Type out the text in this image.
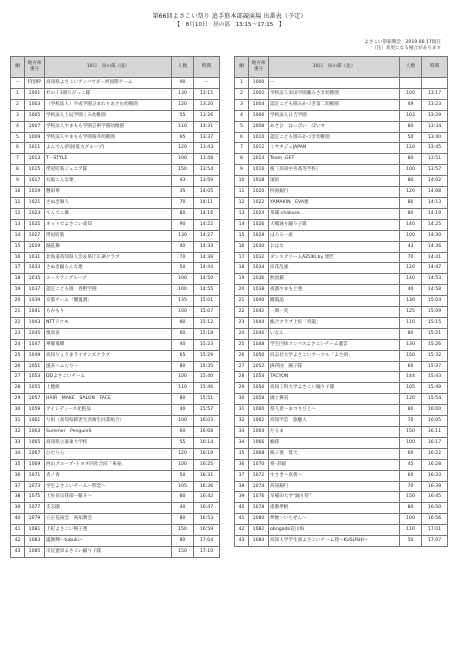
第66回よさこい祭り 追手筋本部競演場 出番表（予定）
【　8月10日　昼の部　13:15～17:15　】
よさこい祭振興会　2019.06.17現在
（注）変更になる場合があります
順	地方車番号	10日　昼の部（南）	人数	時間
ー	特別枠	高知県よさこいアンバサダー絆国際チーム	90	ー
1	1001	杉の子3園ちびっこ隊	130	13:15
2	1003	（学校法人）平成学園ひまわりあさむ幼稚園	120	13:20
3	1005	学校法人上辰学園くみ幼稚園	55	13:26
4	1007	学校法人やまもも学園芸術学園幼稚園	110	13:31
5	1009	学校法人やまもも学園桜井幼稚園	95	13:37
6	1011	よんでん(四国電力グループ)	120	13:43
7	1013	T－STYLE	100	13:48
8	1015	帯屋町筋ジュニア隊	150	13:54
9	1017	丸亀こんな連	43	13:59
10	1019	懸彩華	35	14:05
11	1021	さぬき舞人	70	14:11
12	1023	てんてこ舞	80	14:16
13	1025	ネットでよさこい高知	90	14:22
14	1027	帯屋町筋	130	14:27
15	1029	踊乱舞	40	14:33
16	1031	北海道高知県人会＆県庁正調クラブ	70	14:39
17	1033	さぬき踊らんな連	50	14:44
18	1035	エースワングループ	100	14:50
19	1037	認定こども園　春野学園	100	14:55
20	1039	京都チーム「櫻嵐漪」	135	15:01
21	1041	もかもり	100	15:07
22	1043	NTTドコモ	80	15:12
23	1045	慎真蛍	60	15:18
24	1047	華舞鬼蝶	40	15:23
25	1049	高知りょうまライオンズクラブ	65	15:29
26	1051	風来～ふらり～	80	15:35
27	1053	DDよさこいチーム	100	15:40
28	1055	上穂組	110	15:46
29	1057	HAIR　MAKE　SALON　FACE	80	15:51
30	1059	アイレディース化粧品	40	15:57
31	1061	り組（高知県障害生活衛生同業組合）	100	16:03
32	1063	Summer　PenguinS	60	16:08
33	1065	高知県立嘉東大学校	55	16:14
34	1067	ひだりら	120	16:19
35	1069	西山グループ･トヨタ四社合同「車座」	100	16:25
36	1071	青ノ春	50	16:31
37	1073	学生よさこいチーム～粋恋～	105	16:36
38	1075	土佐長宗我部～魁斗～	80	16:42
39	1077	支志團	40	16:47
40	1079	立正佼成会　高知教会	80	16:53
41	1081	上町よさこい鳴子連	150	16:59
42	1083	嵐舞輝～tubuki～	80	17:04
43	1085	市民憲章よさこい踊り子隊	150	17:10
順	地方車番号	10日　昼の部（北）	人数	時間
1	1000	ー		
2	1002	学校法人栄田学園腫みさき幼稚園	100	13:17
3	1004	認定こども園みかづき第二幼稚園	49	13:23
4	1006	学校法人日吉学園	103	13:29
5	1008	あさひ　はっぴい　ぽいす	80	13:34
6	1010	認定こども園みかづき幼稚園	50	13:40
7	1012	ミヤタジュJAPAN	110	13:45
8	1014	Team .GET	80	13:51
9	1016	桜（高知中央高等学校）	100	13:57
10	1018	琉珀	80	14:02
11	1020	四国銀行	120	14:08
12	1022	YAMAKIN　EVA連	80	14:13
13	1024	茶蔵-chakura-	80	14:19
14	1026	大橋通り踊り子隊	140	14:25
15	1028	ほろろ一座	100	14:30
16	1030	おはな	43	14:36
17	1032	ダンスグリームAZUKI by 建匠	70	14:41
18	1034	涼花乱風	120	14:47
19	1036	無国籍	140	14:53
20	1038	夜顔やまもと連	40	14:58
21	1040	簸霞晶	130	15:04
22	1042	一期一笑	125	15:09
23	1044	総合クラブ土佐「青龍」	110	15:15
24	1046	いなん	80	15:21
25	1048	学生団体コンパスよさこいチーム蓋雲	130	15:26
26	1050	同志社大学よさこいサークル「よさ朗」	150	15:32
27	1052	JR四国　踊子隊	60	15:37
28	1054	TACYON	144	15:43
29	1056	高知工科大学よさこい踊り子隊	105	15:49
30	1058	國士舞双	120	15:54
31	1060	祭人衆～まつりびと～	80	16:00
32	1062	高知学芸　旅魅人	70	16:05
33	1064	だるま	150	16:11
34	1066	楠孫	100	16:17
35	1068	鳴子連　焚天	60	16:22
36	1070	愛･彩媛	45	16:28
37	1072	すさき～真黄～	60	16:33
38	1074	高知銀行	70	16:39
39	1076	早稲田大学"踊り侍"	150	16:45
40	1078	遙敬夢帆	80	16:50
41	1080	夢暁～いちぜん～	100	16:56
42	1082	obrigado花山海	110	17:01
43	1084	高知大学学生部よさこいチーム我～KUSUSHI～	50	17:07
